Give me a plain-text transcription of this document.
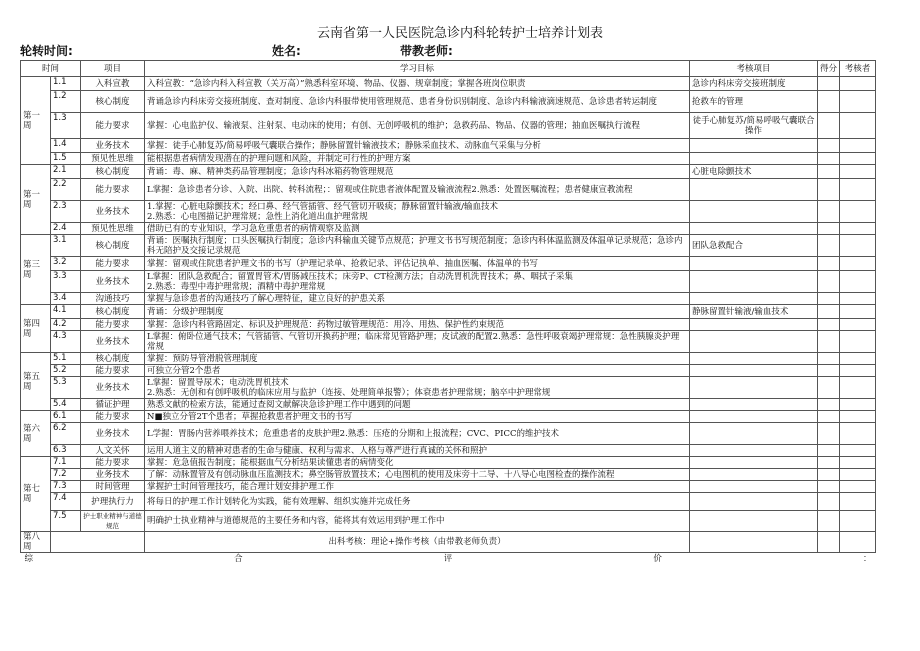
云南省第一人民医院急诊内科轮转护士培养计划表
轮转时间:	姓名:	带教老师:
时间		项目	学习目标	考核项目	得分	考核者
第一周	1.1	入科宣教	入科宣教：“急诊内科入科宣教（关万高）”熟悉科室环境、物品、仪器、规章制度；掌握各班岗位职责	急诊内科床旁交接班制度		
	1.2	核心制度	背诵急诊内科床旁交接班制度、查对制度、急诊内科服带使用管理规范、患者身份识别制度、急诊内科输液滴速规范、急诊患者转运制度	抢救车的管理		
	1.3	能力要求	掌握：心电监护仪、输液泵、注射泵、电动床的使用；有创、无创呼吸机的维护；急救药品、物品、仪器的管理；抽血医嘱执行流程	徒手心肺复苏/简易呼吸气囊联合操作		
	1.4	业务技术	掌握：徒手心肺复苏/简易呼吸气囊联合操作；静脉留置针输液技术；静脉采血技术、动脉血气采集与分析			
	1.5	预见性思维	能根据患者病情发现潜在的护理问题和风险，并制定可行性的护理方案			
第一周	2.1	核心制度	背诵：毒、麻、精神类药品管理制度；急诊内科冰箱药物管理规范	心脏电除颤技术		
	2.2	能力要求	L掌握：急诊患者分诊、入院、出院、转科流程；：留观或住院患者液体配置及输液流程2.熟悉：处置医嘱流程；患者健康宣教流程			
	2.3	业务技术	1.掌握：心脏电除颤技术；经口鼻、经气管插管、经气管切开吸痰；静脉留置针输液/输血技术
2.熟悉：心电图描记护理常规；急性上消化道出血护理常规			
	2.4	预见性思维	借助已有的专业知识，学习急危重患者的病情观察及监测			
第三周	3.1	核心制度	背诵：医嘱执行制度；口头医嘱执行制度；急诊内科输血关键节点规范；护理文书书写规范制度；急诊内科体温监测及体温单记录规范；急诊内科无陪护及交接记录规范	团队急救配合		
	3.2	能力要求	掌握：留观或住院患者护理文书的书写（护理记录单、抢救记录、评估记执单、抽血医嘱、体温单的书写			
	3.3	业务技术	L掌握：团队急救配合；留置胃管术/胃肠减压技术；床旁P、CT检测方法；自动洗胃机洗胃技术；鼻、咽拭子采集
2.熟悉：毒型中毒护理常规；酒精中毒护理常规			
	3.4	沟通技巧	掌握与急诊患者的沟通技巧了解心理特征，建立良好的护患关系			
第四周	4.1	核心制度	背诵：分级护理制度	静脉留置针输液/输血技术		
	4.2	能力要求	掌握：急诊内科管路固定、标识及护理规范：药物过敏管理规范：用冷、用热、保护性约束规范			
	4.3	业务技术	L掌握：俯卧位通气技术；气管插管、气管切开换药护理；临床常见管路护理；皮试液的配置2.熟悉：急性呼吸衰竭护理常规：急性胰腺炎护理常规			
第五周	5.1	核心制度	掌握：预防导管滑脱管理制度			
	5.2	能力要求	可独立分管2个患者			
	5.3	业务技术	L掌握：留置导尿术；电动洗胃机技术
2.熟悉：无创和有创呼吸机的临床应用与监护（连接、处理简单报警）；体衰患者护理常规；脑卒中护理常规			
	5.4	循证护理	熟悉文献的检索方法，能通过查阅文献解决急诊护理工作中遇到的问题			
第六周	6.1	能力要求	N■独立分管2T个患者；草握抢救患者护理文书的书写			
	6.2	业务技术	L学握：胃肠内营养喂养技术；危重患者的皮肤护理2.熟悉：压疮的分期和上报流程；CVC、PICC的维护技术			
	6.3	人文关怀	运用人道主义的精神对患者的生命与健康、权利与需求、人格与尊严进行真诚的关怀和照护			
第七周	7.1	能力要求	掌握：危急值报告制度；能根据血气分析结果读懂患者的病情变化			
	7.2	业务技术	了解：动脉置管及有创动脉血压监测技术；鼻空肠管放置技术；心电图机的使用及床旁十二导、十八导心电图检查的操作流程			
	7.3	时间管理	掌握护士时间管理技巧，能合理计划安排护理工作			
	7.4	护理执行力	将每日的护理工作计划转化为实践，能有效理解、组织实施并完成任务			
	7.5	护士职业精神与道德规范	明确护士执业精神与道德规范的主要任务和内容，能将其有效运用到护理工作中			
第八周			出科考核：理论+操作考核（由带教老师负责）			

综 合 评 价 ：						
